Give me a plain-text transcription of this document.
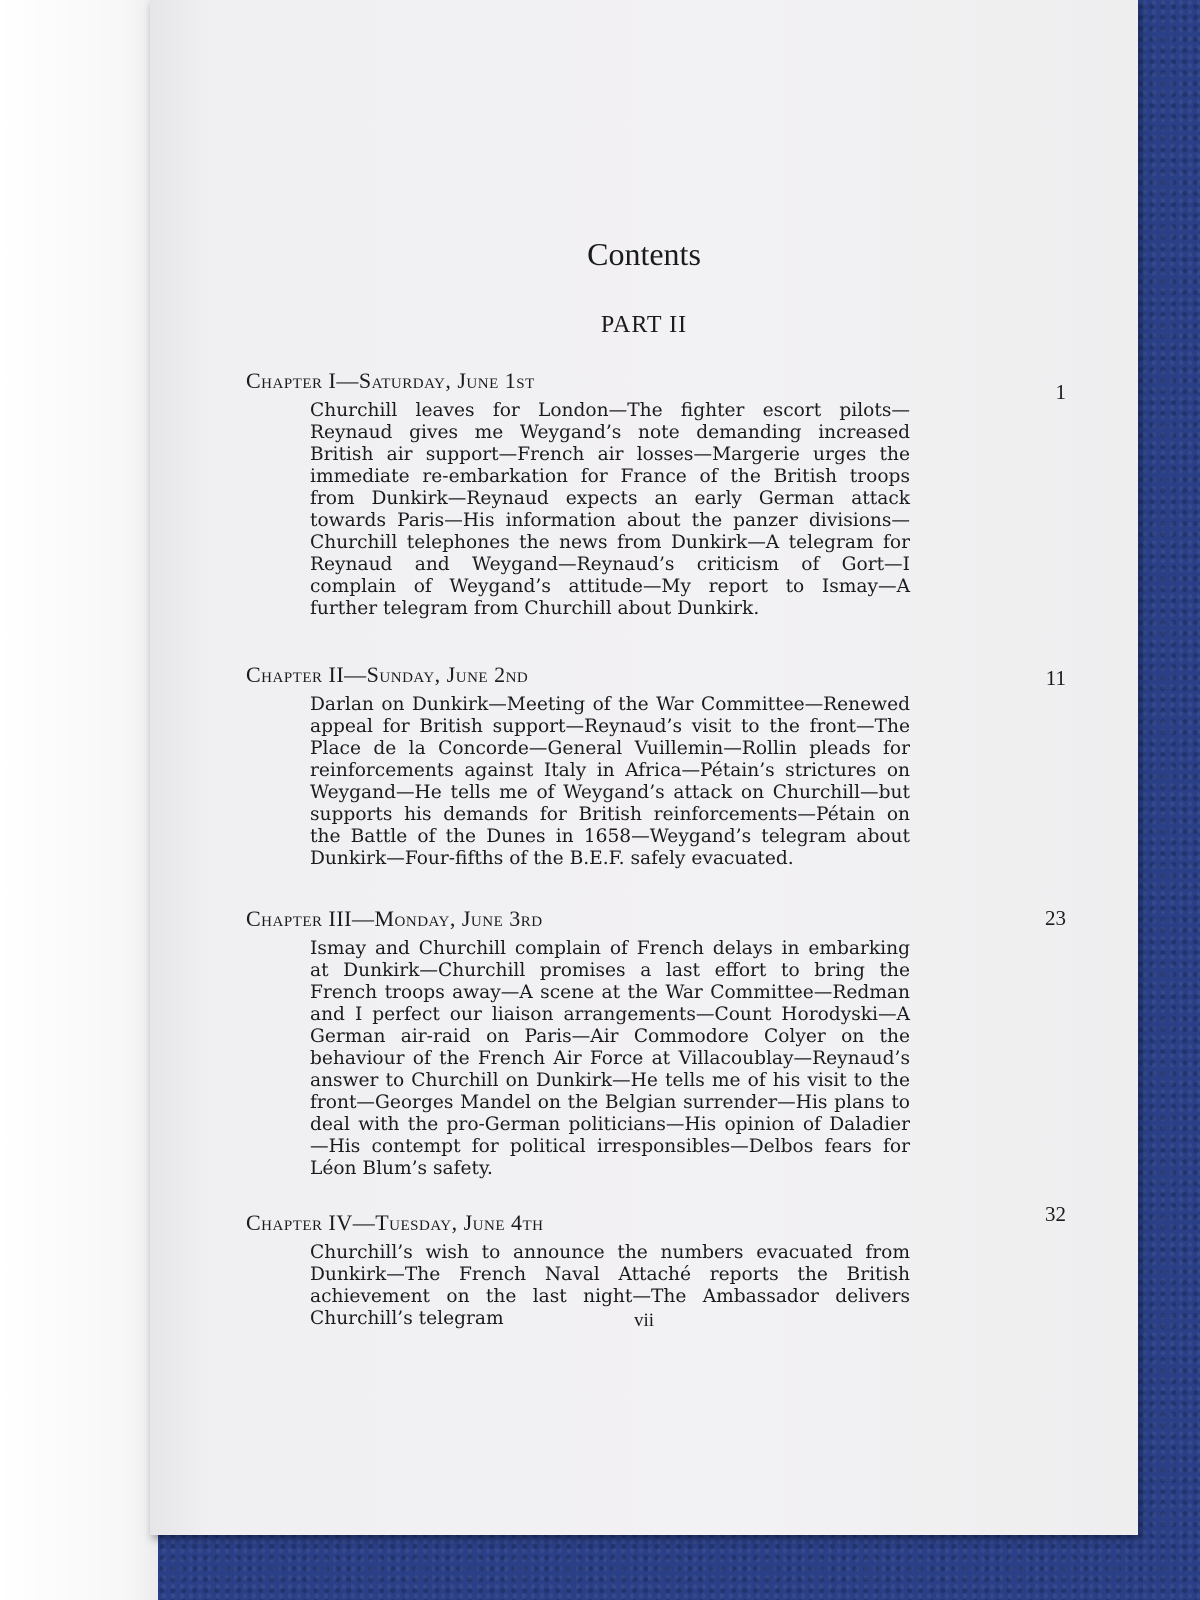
Contents
PART II
Chapter I—Saturday, June 1st	1
Churchill leaves for London—The fighter escort pilots—Reynaud gives me Weygand’s note demanding increased British air support—French air losses—Margerie urges the immediate re-embarkation for France of the British troops from Dunkirk—Reynaud expects an early German attack towards Paris—His information about the panzer divisions—Churchill telephones the news from Dunkirk—A telegram for Reynaud and Weygand—Reynaud’s criticism of Gort—I complain of Weygand’s attitude—My report to Ismay—A further telegram from Churchill about Dunkirk.
Chapter II—Sunday, June 2nd	11
Darlan on Dunkirk—Meeting of the War Committee—Renewed appeal for British support—Reynaud’s visit to the front—The Place de la Concorde—General Vuillemin—Rollin pleads for reinforcements against Italy in Africa—Pétain’s strictures on Weygand—He tells me of Weygand’s attack on Churchill—but supports his demands for British reinforcements—Pétain on the Battle of the Dunes in 1658—Weygand’s telegram about Dunkirk—Four-fifths of the B.E.F. safely evacuated.
Chapter III—Monday, June 3rd	23
Ismay and Churchill complain of French delays in embarking at Dunkirk—Churchill promises a last effort to bring the French troops away—A scene at the War Committee—Redman and I perfect our liaison arrangements—Count Horodyski—A German air-raid on Paris—Air Commodore Colyer on the behaviour of the French Air Force at Villacoublay—Reynaud’s answer to Churchill on Dunkirk—He tells me of his visit to the front—Georges Mandel on the Belgian surrender—His plans to deal with the pro-German politicians—His opinion of Daladier—His contempt for political irresponsibles—Delbos fears for Léon Blum’s safety.
Chapter IV—Tuesday, June 4th	32
Churchill’s wish to announce the numbers evacuated from Dunkirk—The French Naval Attaché reports the British achievement on the last night—The Ambassador delivers Churchill’s telegram	vii
